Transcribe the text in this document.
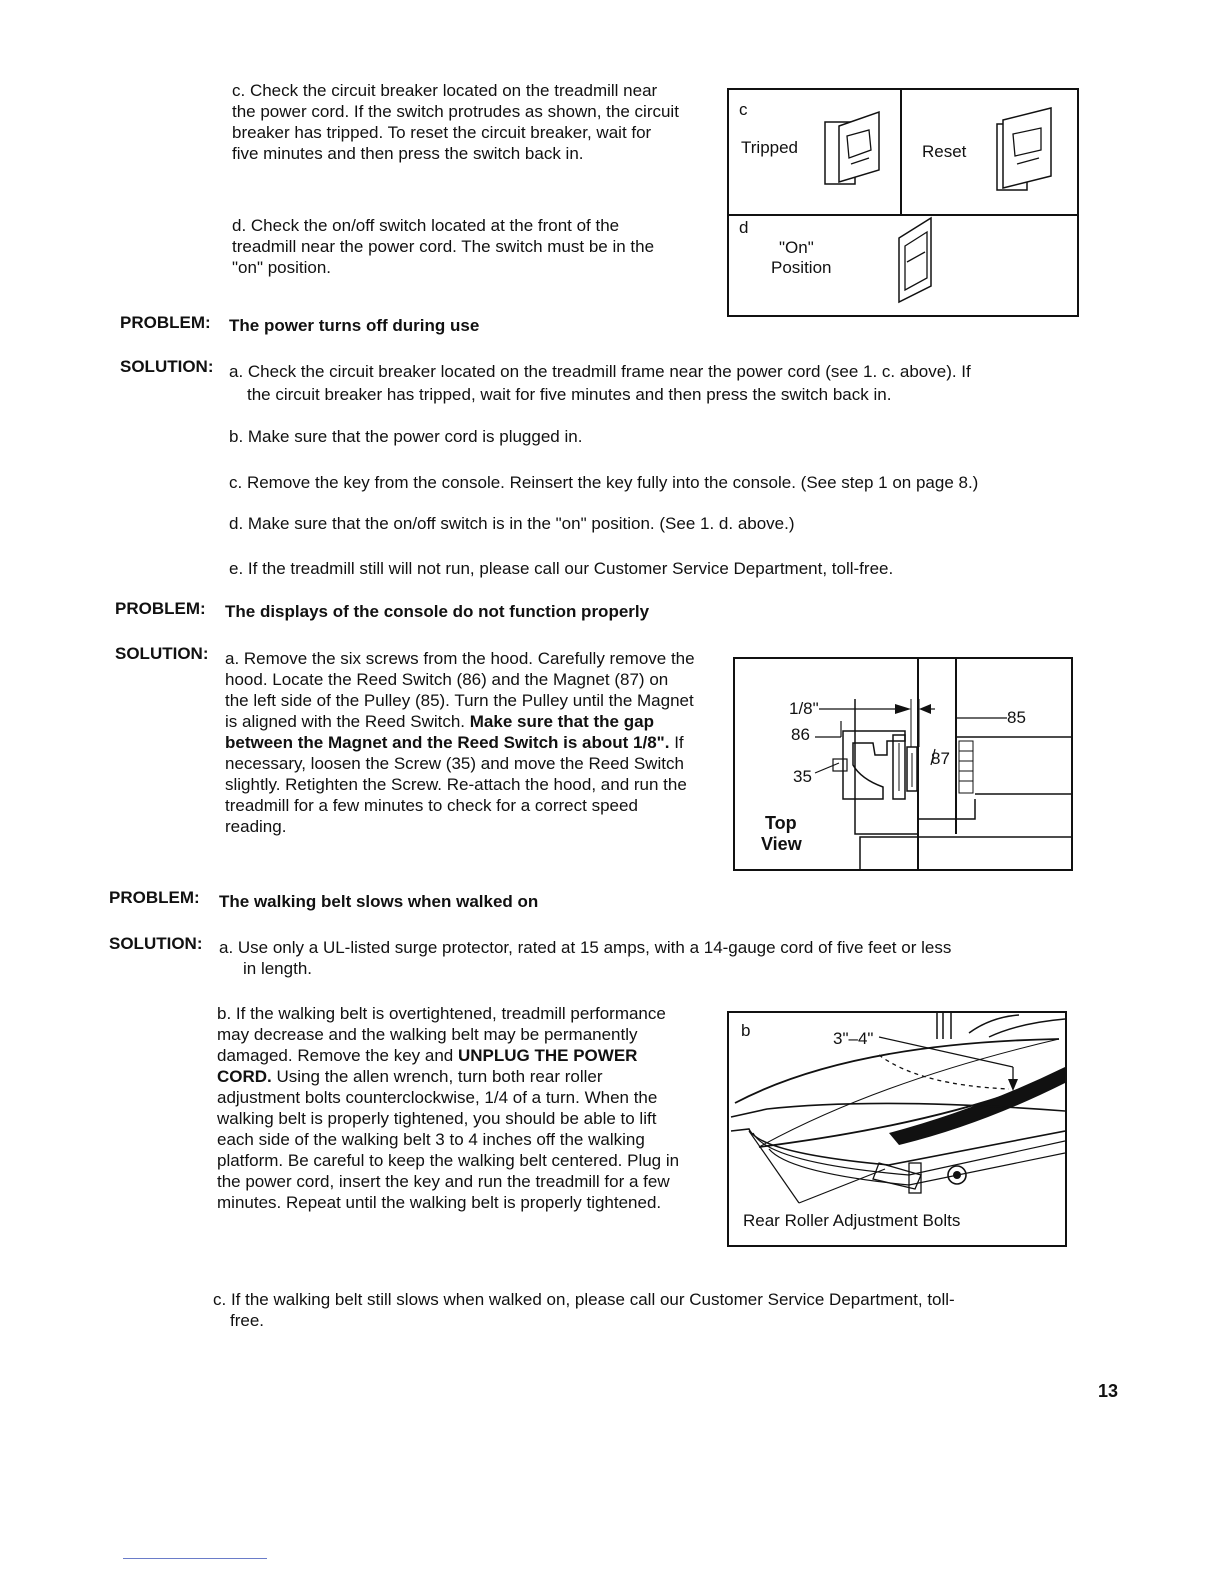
c. Check the circuit breaker located on the treadmill near the power cord. If the switch protrudes as shown, the circuit breaker has tripped. To reset the circuit breaker, wait for five minutes and then press the switch back in.

d. Check the on/off switch located at the front of the treadmill near the power cord. The switch must be in the "on" position.

c
Tripped	Reset
d
"On"
Position

PROBLEM: The power turns off during use

SOLUTION: a. Check the circuit breaker located on the treadmill frame near the power cord (see 1. c. above). If

the circuit breaker has tripped, wait for five minutes and then press the switch back in.

b. Make sure that the power cord is plugged in.

c. Remove the key from the console. Reinsert the key fully into the console. (See step 1 on page 8.)

d. Make sure that the on/off switch is in the "on" position. (See 1. d. above.)

e. If the treadmill still will not run, please call our Customer Service Department, toll-free.

PROBLEM: The displays of the console do not function properly

SOLUTION: a. Remove the six screws from the hood. Carefully remove the hood. Locate the Reed Switch (86) and the Magnet (87) on the left side of the Pulley (85). Turn the Pulley until the Magnet is aligned with the Reed Switch. Make sure that the gap between the Magnet and the Reed Switch is about 1/8". If necessary, loosen the Screw (35) and move the Reed Switch slightly. Retighten the Screw. Re-attach the hood, and run the treadmill for a few minutes to check for a correct speed reading.

1/8"
86
85
87
35
Top
View

PROBLEM: The walking belt slows when walked on

SOLUTION: a. Use only a UL-listed surge protector, rated at 15 amps, with a 14-gauge cord of five feet or less

in length.

b. If the walking belt is overtightened, treadmill performance may decrease and the walking belt may be permanently damaged. Remove the key and UNPLUG THE POWER CORD. Using the allen wrench, turn both rear roller adjustment bolts counterclockwise, 1/4 of a turn. When the walking belt is properly tightened, you should be able to lift each side of the walking belt 3 to 4 inches off the walking platform. Be careful to keep the walking belt centered. Plug in the power cord, insert the key and run the treadmill for a few minutes. Repeat until the walking belt is properly tightened.

b	3"–4"
Rear Roller Adjustment Bolts

c. If the walking belt still slows when walked on, please call our Customer Service Department, toll-

free.

13
